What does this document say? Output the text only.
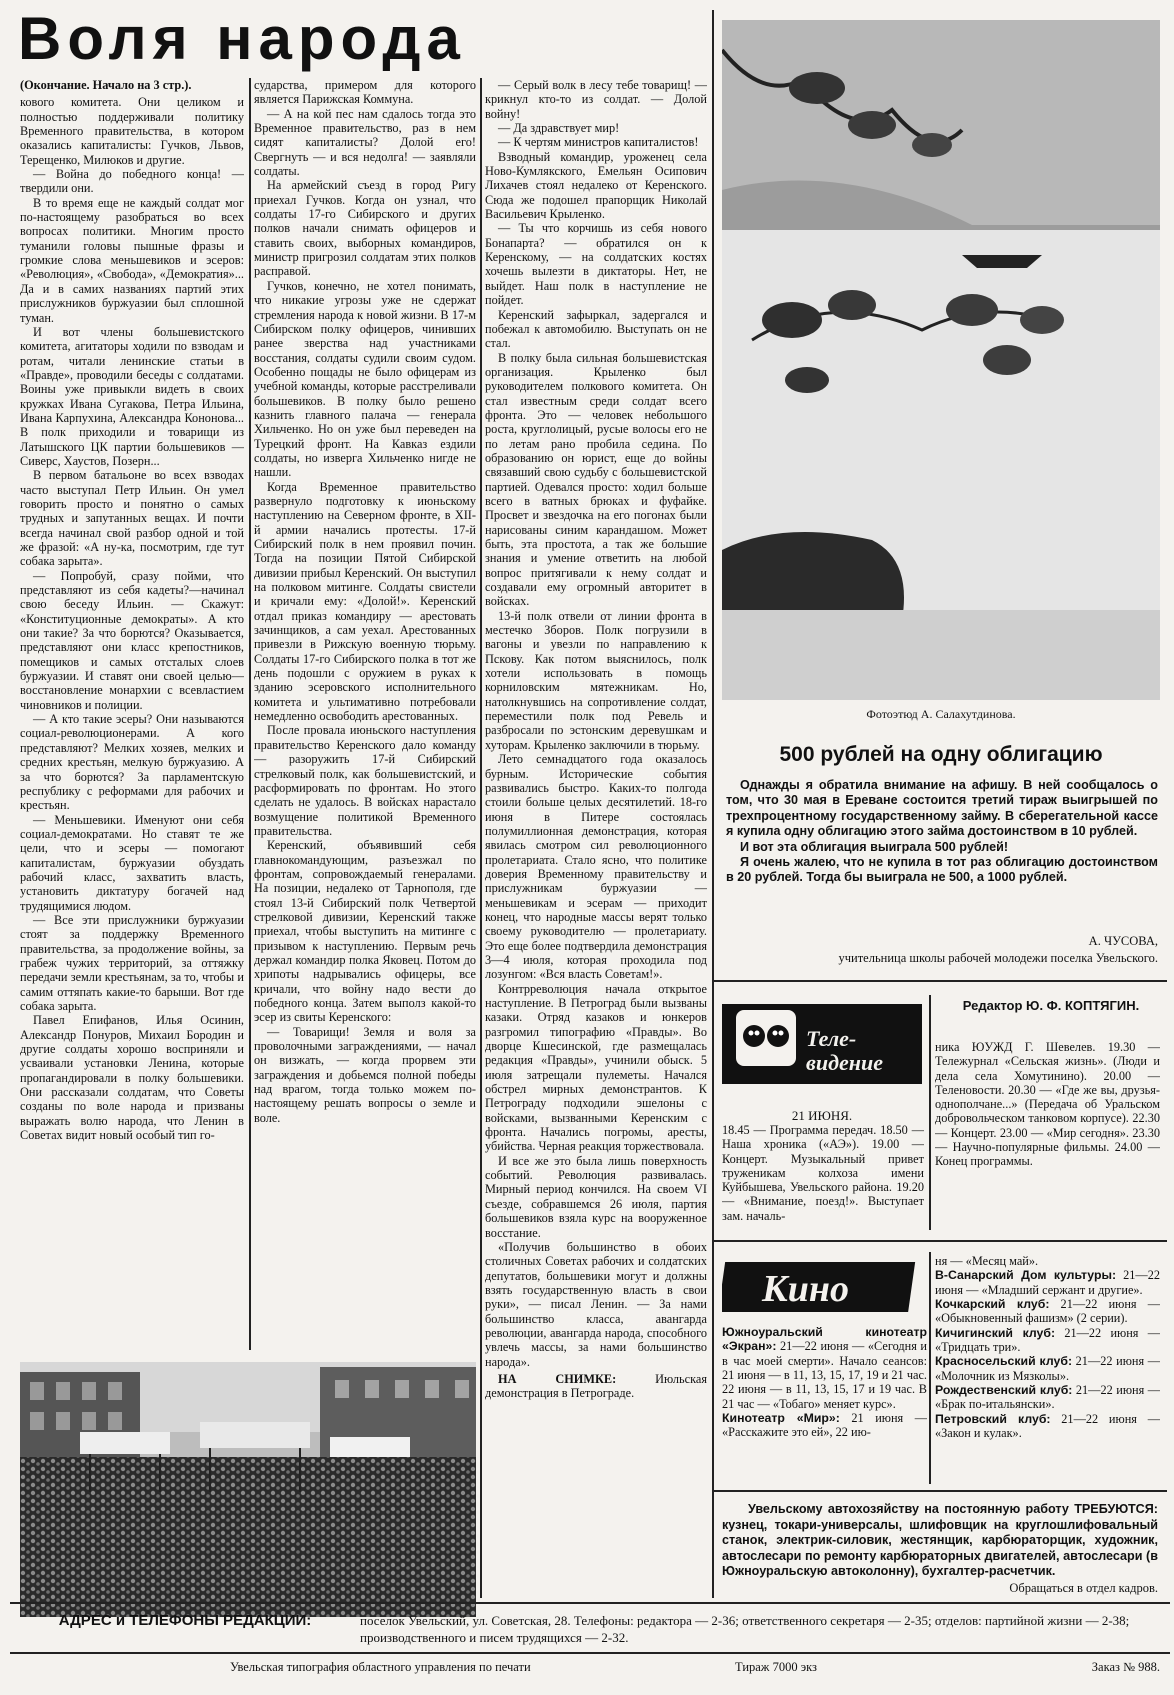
Воля народа

(Окончание. Начало на 3 стр.).

кового комитета. Они целиком и полностью поддерживали политику Временного правительства, в котором оказались капиталисты: Гучков, Львов, Терещенко, Милюков и другие.

— Война до победного конца! — твердили они.

В то время еще не каждый солдат мог по-настоящему разобраться во всех вопросах политики. Многим просто туманили головы пышные фразы и громкие слова меньшевиков и эсеров: «Революция», «Свобода», «Демократия»... Да и в самих названиях партий этих прислужников буржуазии был сплошной туман.

И вот члены большевистского комитета, агитаторы ходили по взводам и ротам, читали ленинские статьи в «Правде», проводили беседы с солдатами. Воины уже привыкли видеть в своих кружках Ивана Сугакова, Петра Ильина, Ивана Карпухина, Александра Кононова... В полк приходили и товарищи из Латышского ЦК партии большевиков — Сиверс, Хаустов, Позерн...

В первом батальоне во всех взводах часто выступал Петр Ильин. Он умел говорить просто и понятно о самых трудных и запутанных вещах. И почти всегда начинал свой разбор одной и той же фразой: «А ну-ка, посмотрим, где тут собака зарыта».

— Попробуй, сразу пойми, что представляют из себя кадеты?—начинал свою беседу Ильин. — Скажут: «Конституционные демократы». А кто они такие? За что борются? Оказывается, представляют они класс крепостников, помещиков и самых отсталых слоев буржуазии. И ставят они своей целью—восстановление монархии с всевластием чиновников и полиции.

— А кто такие эсеры? Они называются социал-революционерами. А кого представляют? Мелких хозяев, мелких и средних крестьян, мелкую буржуазию. А за что борются? За парламентскую республику с реформами для рабочих и крестьян.

— Меньшевики. Именуют они себя социал-демократами. Но ставят те же цели, что и эсеры — помогают капиталистам, буржуазии обуздать рабочий класс, захватить власть, установить диктатуру богачей над трудящимися людом.

— Все эти прислужники буржуазии стоят за поддержку Временного правительства, за продолжение войны, за грабеж чужих территорий, за оттяжку передачи земли крестьянам, за то, чтобы и самим оттяпать какие-то барыши. Вот где собака зарыта.

Павел Епифанов, Илья Осинин, Александр Понуров, Михаил Бородин и другие солдаты хорошо восприняли и усваивали установки Ленина, которые пропагандировали в полку большевики. Они рассказали солдатам, что Советы созданы по воле народа и призваны выражать волю народа, что Ленин в Советах видит новый особый тип го-

сударства, примером для которого является Парижская Коммуна.

— А на кой пес нам сдалось тогда это Временное правительство, раз в нем сидят капиталисты? Долой его! Свергнуть — и вся недолга! — заявляли солдаты.

На армейский съезд в город Ригу приехал Гучков. Когда он узнал, что солдаты 17-го Сибирского и других полков начали снимать офицеров и ставить своих, выборных командиров, министр пригрозил солдатам этих полков расправой.

Гучков, конечно, не хотел понимать, что никакие угрозы уже не сдержат стремления народа к новой жизни. В 17-м Сибирском полку офицеров, чинивших ранее зверства над участниками восстания, солдаты судили своим судом. Особенно пощады не было офицерам из учебной команды, которые расстреливали большевиков. В полку было решено казнить главного палача — генерала Хильченко. Но он уже был переведен на Турецкий фронт. На Кавказ ездили солдаты, но изверга Хильченко нигде не нашли.

Когда Временное правительство развернуло подготовку к июньскому наступлению на Северном фронте, в XII-й армии начались протесты. 17-й Сибирский полк в нем проявил почин. Тогда на позиции Пятой Сибирской дивизии прибыл Керенский. Он выступил на полковом митинге. Солдаты свистели и кричали ему: «Долой!». Керенский отдал приказ командиру — арестовать зачинщиков, а сам уехал. Арестованных привезли в Рижскую военную тюрьму. Солдаты 17-го Сибирского полка в тот же день подошли с оружием в руках к зданию эсеровского исполнительного комитета и ультимативно потребовали немедленно освободить арестованных.

После провала июньского наступления правительство Керенского дало команду — разоружить 17-й Сибирский стрелковый полк, как большевистский, и расформировать по фронтам. Но этого сделать не удалось. В войсках нарастало возмущение политикой Временного правительства.

Керенский, объявивший себя главнокомандующим, разъезжал по фронтам, сопровождаемый генералами. На позиции, недалеко от Тарнополя, где стоял 13-й Сибирский полк Четвертой стрелковой дивизии, Керенский также приехал, чтобы выступить на митинге с призывом к наступлению. Первым речь держал командир полка Яковец. Потом до хрипоты надрывались офицеры, все кричали, что войну надо вести до победного конца. Затем выполз какой-то эсер из свиты Керенского:

— Товарищи! Земля и воля за проволочными заграждениями, — начал он визжать, — когда прорвем эти заграждения и добьемся полной победы над врагом, тогда только можем по-настоящему решать вопросы о земле и воле.

— Серый волк в лесу тебе товарищ! — крикнул кто-то из солдат. — Долой войну!

— Да здравствует мир!

— К чертям министров капиталистов!

Взводный командир, уроженец села Ново-Кумлякского, Емельян Осипович Лихачев стоял недалеко от Керенского. Сюда же подошел прапорщик Николай Васильевич Крыленко.

— Ты что корчишь из себя нового Бонапарта? — обратился он к Керенскому, — на солдатских костях хочешь вылезти в диктаторы. Нет, не выйдет. Наш полк в наступление не пойдет.

Керенский зафыркал, задергался и побежал к автомобилю. Выступать он не стал.

В полку была сильная большевистская организация. Крыленко был руководителем полкового комитета. Он стал известным среди солдат всего фронта. Это — человек небольшого роста, круглолицый, русые волосы его не по летам рано пробила седина. По образованию он юрист, еще до войны связавший свою судьбу с большевистской партией. Одевался просто: ходил больше всего в ватных брюках и фуфайке. Просвет и звездочка на его погонах были нарисованы синим карандашом. Может быть, эта простота, а так же большие знания и умение ответить на любой вопрос притягивали к нему солдат и создавали ему огромный авторитет в войсках.

13-й полк отвели от линии фронта в местечко Зборов. Полк погрузили в вагоны и увезли по направлению к Пскову. Как потом выяснилось, полк хотели использовать в помощь корниловским мятежникам. Но, натолкнувшись на сопротивление солдат, переместили полк под Ревель и разбросали по эстонским деревушкам и хуторам. Крыленко заключили в тюрьму.

Лето семнадцатого года оказалось бурным. Исторические события развивались быстро. Каких-то полгода стоили больше целых десятилетий. 18-го июня в Питере состоялась полумиллионная демонстрация, которая явилась смотром сил революционного пролетариата. Стало ясно, что политике доверия Временному правительству и прислужникам буржуазии — меньшевикам и эсерам — приходит конец, что народные массы верят только своему руководителю — пролетариату. Это еще более подтвердила демонстрация 3—4 июля, которая проходила под лозунгом: «Вся власть Советам!».

Контрреволюция начала открытое наступление. В Петроград были вызваны казаки. Отряд казаков и юнкеров разгромил типографию «Правды». Во дворце Кшесинской, где размещалась редакция «Правды», учинили обыск. 5 июля затрещали пулеметы. Начался обстрел мирных демонстрантов. К Петрограду подходили эшелоны с войсками, вызванными Керенским с фронта. Начались погромы, аресты, убийства. Черная реакция торжествовала.

И все же это была лишь поверхность событий. Революция развивалась. Мирный период кончился. На своем VI съезде, собравшемся 26 июля, партия большевиков взяла курс на вооруженное восстание.

«Получив большинство в обоих столичных Советах рабочих и солдатских депутатов, большевики могут и должны взять государственную власть в свои руки», — писал Ленин. — За нами большинство класса, авангарда революции, авангарда народа, способного увлечь массы, за нами большинство народа».

НА СНИМКЕ:	Июльская демонстрация в Петрограде.

Фотоэтюд А. Салахутдинова.
500 рублей на одну облигацию

Однажды я обратила внимание на афишу. В ней сообщалось о том, что 30 мая в Ереване состоится третий тираж выигрышей по трехпроцентному государственному займу. В сберегательной кассе я купила одну облигацию этого займа достоинством в 10 рублей.

И вот эта облигация выиграла 500 рублей!

Я очень жалею, что не купила в тот раз облигацию достоинством в 20 рублей. Тогда бы выиграла не 500, а 1000 рублей.

А. ЧУСОВА,
учительница школы рабочей молодежи поселка Увельского.
Теле-
видение
Редактор Ю. Ф. КОПТЯГИН.
21 ИЮНЯ.
18.45 — Программа передач. 18.50 — Наша хроника («АЭ»). 19.00 — Концерт. Музыкальный привет труженикам колхоза имени Куйбышева, Увельского района. 19.20 — «Внимание, поезд!». Выступает зам. началь-
ника ЮУЖД Г. Шевелев. 19.30 — Тележурнал «Сельская жизнь». (Люди и дела села Хомутинино). 20.00 — Теленовости. 20.30 — «Где же вы, друзья-однополчане...» (Передача об Уральском добровольческом танковом корпусе). 22.30 — Концерт. 23.00 — «Мир сегодня». 23.30 — Научно-популярные фильмы. 24.00 — Конец программы.
Кино

Южноуральский кинотеатр «Экран»: 21—22 июня — «Сегодня и в час моей смерти». Начало сеансов: 21 июня — в 11, 13, 15, 17, 19 и 21 час. 22 июня — в 11, 13, 15, 17 и 19 час. В 21 час — «Тобаго» меняет курс».

Кинотеатр «Мир»: 21 июня — «Расскажите это ей», 22 ию-

ня — «Месяц май».

В-Санарский Дом культуры: 21—22 июня — «Младший сержант и другие».

Кочкарский клуб: 21—22 июня — «Обыкновенный фашизм» (2 серии).

Кичигинский клуб: 21—22 июня — «Тридцать три».

Красносельский клуб: 21—22 июня — «Молочник из Мязколы».

Рождественский клуб: 21—22 июня — «Брак по-итальянски».

Петровский клуб: 21—22 июня — «Закон и кулак».

Увельскому автохозяйству на постоянную работу ТРЕБУЮТСЯ: кузнец, токари-универсалы, шлифовщик на круглошлифовальный станок, электрик-силовик, жестянщик, карбюраторщик, художник, автослесари по ремонту карбюраторных двигателей, автослесари (в Южноуральскую автоколонну), бухгалтер-расчетчик.
Обращаться в отдел кадров.
АДРЕС и ТЕЛЕФОНЫ РЕДАКЦИИ:	поселок Увельский, ул. Советская, 28. Телефоны: редактора — 2-36; ответственного секретаря — 2-35; отделов: партийной жизни — 2-38; производственного и писем трудящихся — 2-32.
Увельская типография областного управления по печати	Тираж 7000 экз	Заказ № 988.
